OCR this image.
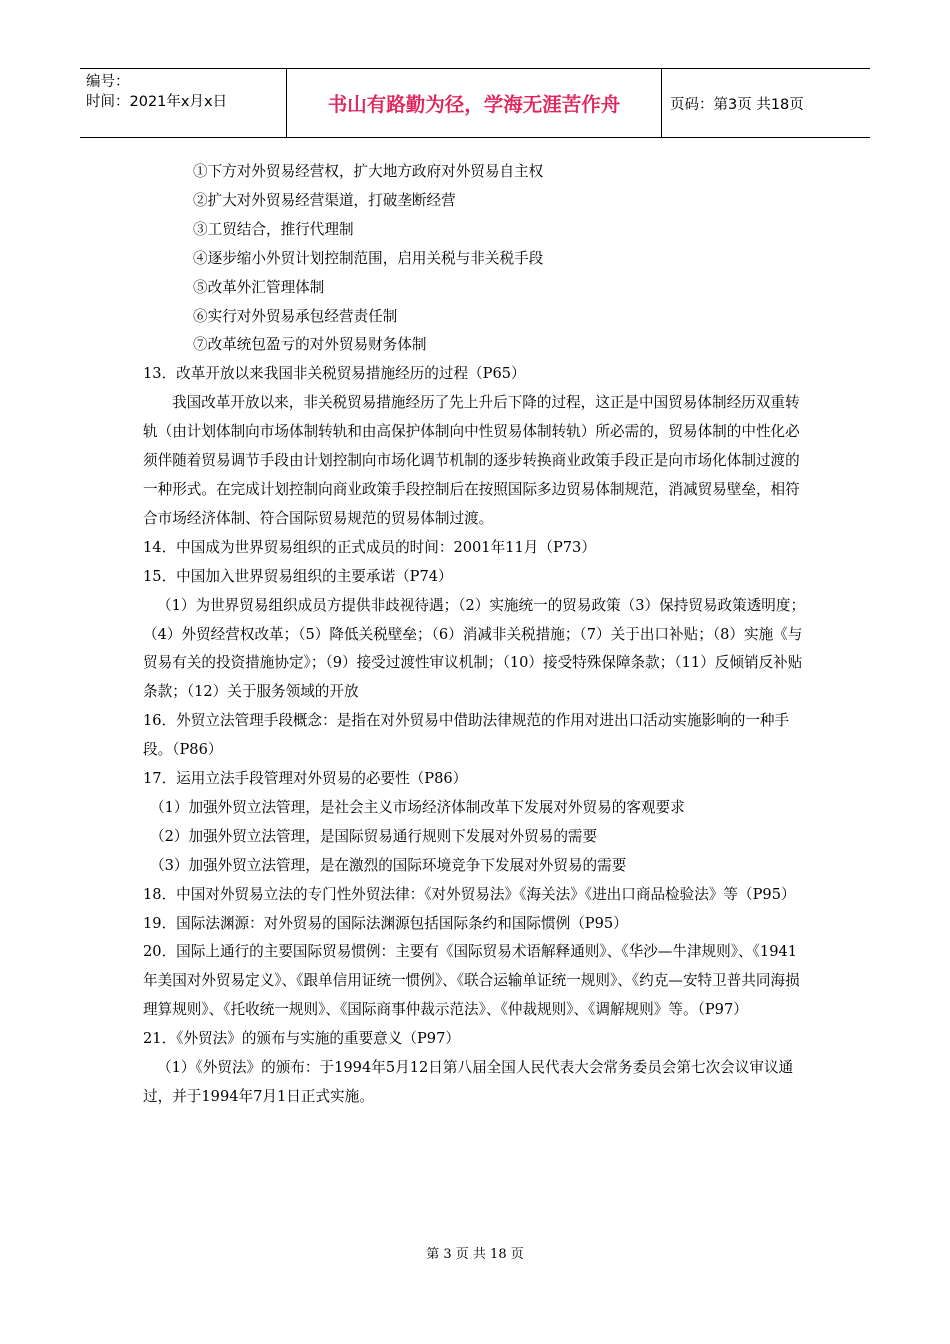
编号：
时间：2021年x月x日	书山有路勤为径，学海无涯苦作舟	页码：第3页 共18页

①下方对外贸易经营权，扩大地方政府对外贸易自主权

②扩大对外贸易经营渠道，打破垄断经营

③工贸结合，推行代理制

④逐步缩小外贸计划控制范围，启用关税与非关税手段

⑤改革外汇管理体制

⑥实行对外贸易承包经营责任制

⑦改革统包盈亏的对外贸易财务体制

13．改革开放以来我国非关税贸易措施经历的过程（P65）

我国改革开放以来，非关税贸易措施经历了先上升后下降的过程，这正是中国贸易体制经历双重转轨（由计划体制向市场体制转轨和由高保护体制向中性贸易体制转轨）所必需的，贸易体制的中性化必须伴随着贸易调节手段由计划控制向市场化调节机制的逐步转换商业政策手段正是向市场化体制过渡的一种形式。在完成计划控制向商业政策手段控制后在按照国际多边贸易体制规范，消减贸易壁垒，相符合市场经济体制、符合国际贸易规范的贸易体制过渡。

14．中国成为世界贸易组织的正式成员的时间：2001年11月（P73）

15．中国加入世界贸易组织的主要承诺（P74）

（1）为世界贸易组织成员方提供非歧视待遇；（2）实施统一的贸易政策（3）保持贸易政策透明度；（4）外贸经营权改革；（5）降低关税壁垒；（6）消减非关税措施；（7）关于出口补贴；（8）实施《与贸易有关的投资措施协定》；（9）接受过渡性审议机制；（10）接受特殊保障条款；（11）反倾销反补贴条款；（12）关于服务领域的开放

16．外贸立法管理手段概念：是指在对外贸易中借助法律规范的作用对进出口活动实施影响的一种手段。（P86）

17．运用立法手段管理对外贸易的必要性（P86）

（1）加强外贸立法管理，是社会主义市场经济体制改革下发展对外贸易的客观要求

（2）加强外贸立法管理，是国际贸易通行规则下发展对外贸易的需要

（3）加强外贸立法管理，是在激烈的国际环境竞争下发展对外贸易的需要

18．中国对外贸易立法的专门性外贸法律：《对外贸易法》《海关法》《进出口商品检验法》等（P95）

19．国际法渊源：对外贸易的国际法渊源包括国际条约和国际惯例（P95）

20．国际上通行的主要国际贸易惯例：主要有《国际贸易术语解释通则》、《华沙—牛津规则》、《1941年美国对外贸易定义》、《跟单信用证统一惯例》、《联合运输单证统一规则》、《约克—安特卫普共同海损理算规则》、《托收统一规则》、《国际商事仲裁示范法》、《仲裁规则》、《调解规则》等。（P97）

21．《外贸法》的颁布与实施的重要意义（P97）

（1）《外贸法》的颁布：于1994年5月12日第八届全国人民代表大会常务委员会第七次会议审议通过，并于1994年7月1日正式实施。

第 3 页 共 18 页
